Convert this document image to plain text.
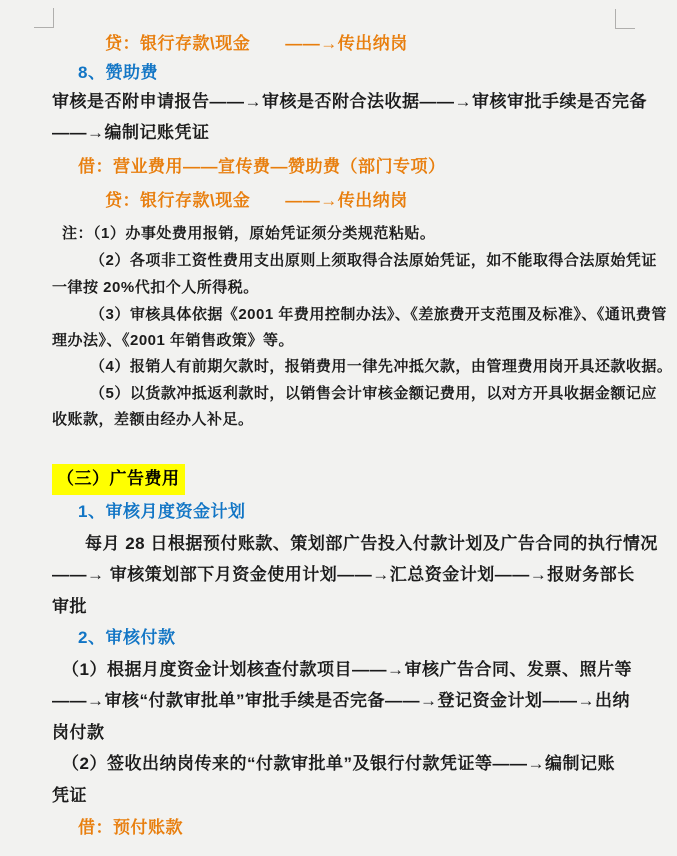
贷：银行存款\现金　　——→传出纳岗
8、赞助费
审核是否附申请报告——→审核是否附合法收据——→审核审批手续是否完备
——→编制记账凭证
借：营业费用——宣传费—赞助费（部门专项）
贷：银行存款\现金　　——→传出纳岗
注：（1）办事处费用报销，原始凭证须分类规范粘贴。
（2）各项非工资性费用支出原则上须取得合法原始凭证，如不能取得合法原始凭证
一律按 20%代扣个人所得税。
（3）审核具体依据《2001 年费用控制办法》、《差旅费开支范围及标准》、《通讯费管
理办法》、《2001 年销售政策》等。
（4）报销人有前期欠款时，报销费用一律先冲抵欠款，由管理费用岗开具还款收据。
（5）以货款冲抵返利款时，以销售会计审核金额记费用，以对方开具收据金额记应
收账款，差额由经办人补足。
（三）广告费用
1、审核月度资金计划
每月 28 日根据预付账款、策划部广告投入付款计划及广告合同的执行情况
——→ 审核策划部下月资金使用计划——→汇总资金计划——→报财务部长
审批
2、审核付款
（1）根据月度资金计划核查付款项目——→审核广告合同、发票、照片等
——→审核“付款审批单”审批手续是否完备——→登记资金计划——→出纳
岗付款
（2）签收出纳岗传来的“付款审批单”及银行付款凭证等——→编制记账
凭证
借：预付账款
